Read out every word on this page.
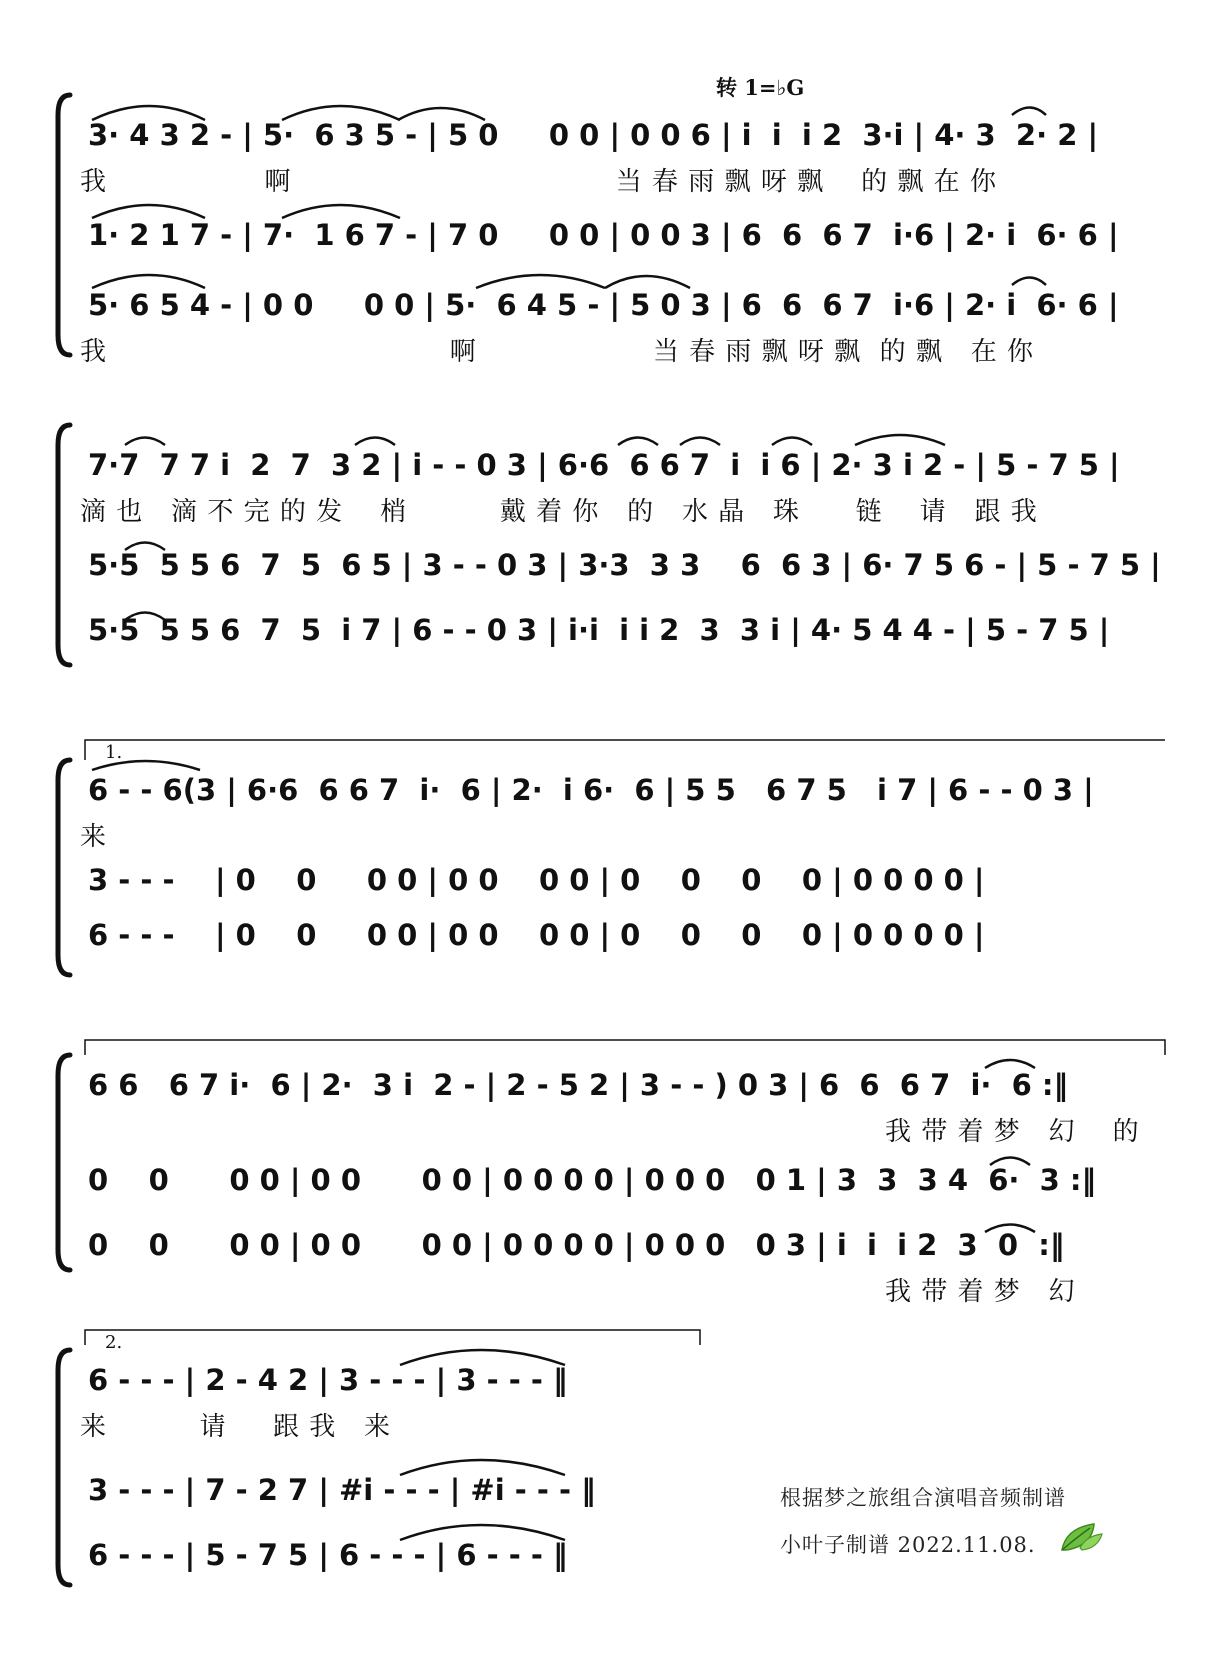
转 1=♭G
3· 4 3 2 - | 5·  6 3 5 - | 5 0     0 0 | 0 0 6 | i  i  i 2  3·i | 4· 3  2· 2 |
我                 啊                                   当 春 雨 飘 呀 飘    的 飘 在 你
1· 2 1 7 - | 7·  1 6 7 - | 7 0     0 0 | 0 0 3 | 6  6  6 7  i·6 | 2· i  6· 6 |
5· 6 5 4 - | 0 0     0 0 | 5·  6 4 5 - | 5 0 3 | 6  6  6 7  i·6 | 2· i  6· 6 |
我                                     啊                   当 春 雨 飘 呀 飘  的 飘   在 你
7·7  7 7 i  2  7  3 2 | i - - 0 3 | 6·6  6 6 7  i  i 6 | 2· 3 i 2 - | 5 - 7 5 |
滴 也   滴 不 完 的 发    梢          戴 着 你   的   水 晶   珠      链    请   跟 我
5·5  5 5 6  7  5  6 5 | 3 - - 0 3 | 3·3  3 3    6  6 3 | 6· 7 5 6 - | 5 - 7 5 |
5·5  5 5 6  7  5  i 7 | 6 - - 0 3 | i·i  i i 2  3  3 i | 4· 5 4 4 - | 5 - 7 5 |
1.
6 - - 6(3 | 6·6  6 6 7  i·  6 | 2·  i 6·  6 | 5 5   6 7 5   i 7 | 6 - - 0 3 |
来
3 - - -    | 0    0     0 0 | 0 0    0 0 | 0    0    0    0 | 0 0 0 0 |
6 - - -    | 0    0     0 0 | 0 0    0 0 | 0    0    0    0 | 0 0 0 0 |
6 6   6 7 i·  6 | 2·  3 i  2 - | 2 - 5 2 | 3 - - ) 0 3 | 6  6  6 7  i·  6 :‖
我 带 着 梦   幻    的
0    0      0 0 | 0 0      0 0 | 0 0 0 0 | 0 0 0   0 1 | 3  3  3 4  6·  3 :‖
0    0      0 0 | 0 0      0 0 | 0 0 0 0 | 0 0 0   0 3 | i  i  i 2  3  0  :‖
我 带 着 梦   幻
2.
6 - - - | 2 - 4 2 | 3 - - - | 3 - - - ‖
来          请     跟 我   来
3 - - - | 7 - 2 7 | #i - - - | #i - - - ‖
6 - - - | 5 - 7 5 | 6 - - - | 6 - - - ‖
根据梦之旅组合演唱音频制谱
小叶子制谱 2022.11.08.
